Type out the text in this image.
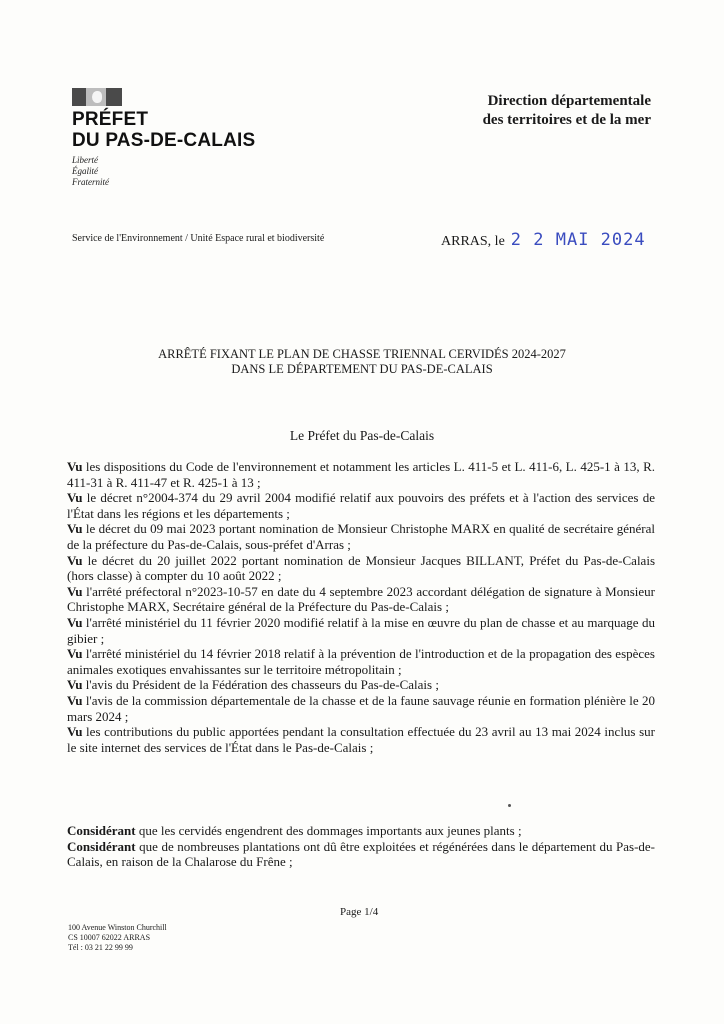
PRÉFET
DU PAS-DE-CALAIS
Liberté
Égalité
Fraternité
Direction départementale
des territoires et de la mer
Service de l'Environnement / Unité Espace rural et biodiversité	ARRAS, le 2 2 MAI 2024
ARRÊTÉ FIXANT LE PLAN DE CHASSE TRIENNAL CERVIDÉS 2024-2027
DANS LE DÉPARTEMENT DU PAS-DE-CALAIS
Le Préfet du Pas-de-Calais

Vu les dispositions du Code de l'environnement et notamment les articles L. 411-5 et L. 411-6, L. 425-1 à 13, R. 411-31 à R. 411-47 et R. 425-1 à 13 ;

Vu le décret n°2004-374 du 29 avril 2004 modifié relatif aux pouvoirs des préfets et à l'action des services de l'État dans les régions et les départements ;

Vu le décret du 09 mai 2023 portant nomination de Monsieur Christophe MARX en qualité de secrétaire général de la préfecture du Pas-de-Calais, sous-préfet d'Arras ;

Vu le décret du 20 juillet 2022 portant nomination de Monsieur Jacques BILLANT, Préfet du Pas-de-Calais (hors classe) à compter du 10 août 2022 ;

Vu l'arrêté préfectoral n°2023-10-57 en date du 4 septembre 2023 accordant délégation de signature à Monsieur Christophe MARX, Secrétaire général de la Préfecture du Pas-de-Calais ;

Vu l'arrêté ministériel du 11 février 2020 modifié relatif à la mise en œuvre du plan de chasse et au marquage du gibier ;

Vu l'arrêté ministériel du 14 février 2018 relatif à la prévention de l'introduction et de la propagation des espèces animales exotiques envahissantes sur le territoire métropolitain ;

Vu l'avis du Président de la Fédération des chasseurs du Pas-de-Calais ;

Vu l'avis de la commission départementale de la chasse et de la faune sauvage réunie en formation plénière le 20 mars 2024 ;

Vu les contributions du public apportées pendant la consultation effectuée du 23 avril au 13 mai 2024 inclus sur le site internet des services de l'État dans le Pas-de-Calais ;

Considérant que les cervidés engendrent des dommages importants aux jeunes plants ;

Considérant que de nombreuses plantations ont dû être exploitées et régénérées dans le département du Pas-de-Calais, en raison de la Chalarose du Frêne ;

Page 1/4
100 Avenue Winston Churchill
CS 10007 62022 ARRAS
Tél : 03 21 22 99 99
